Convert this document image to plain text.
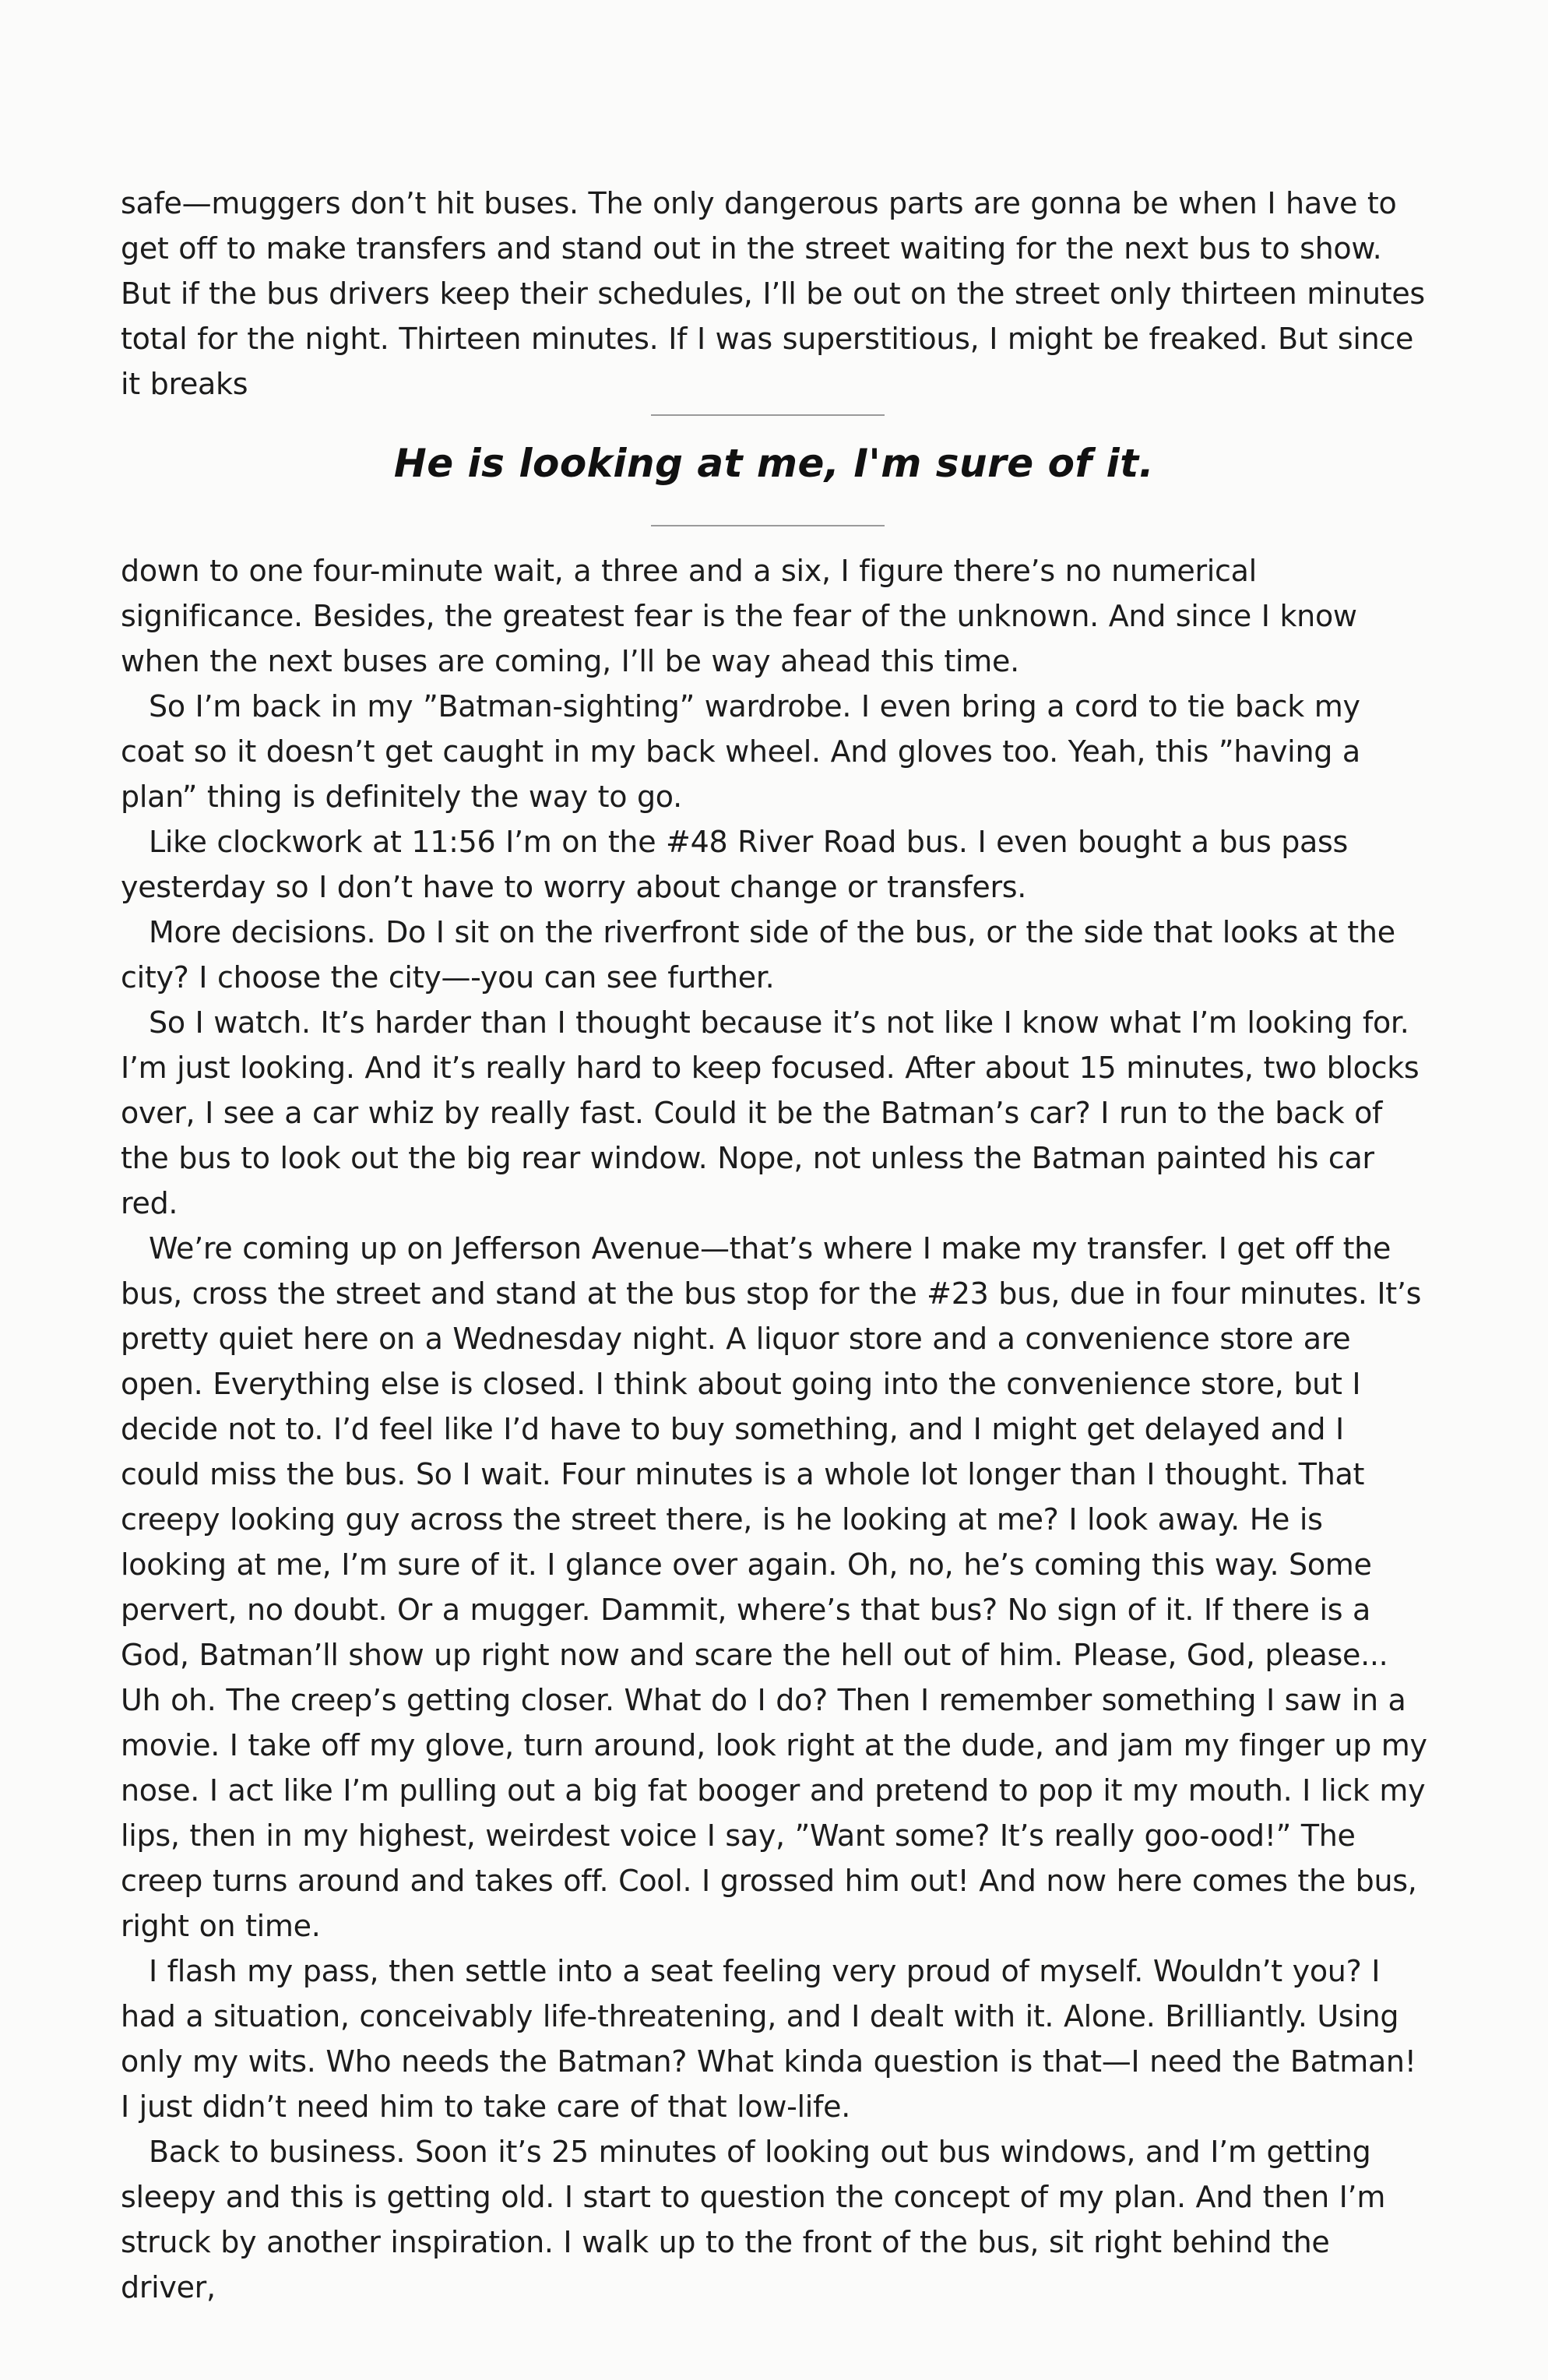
safe—muggers don’t hit buses. The only dangerous parts are gonna be when I have to get off to make transfers and stand out in the street waiting for the next bus to show. But if the bus drivers keep their schedules, I’ll be out on the street only thirteen minutes total for the night. Thirteen minutes. If I was superstitious, I might be freaked. But since it breaks

He is looking at me, I'm sure of it.

down to one four-minute wait, a three and a six, I figure there’s no numerical significance. Besides, the greatest fear is the fear of the unknown. And since I know when the next buses are coming, I’ll be way ahead this time.

So I’m back in my ”Batman-sighting” wardrobe. I even bring a cord to tie back my coat so it doesn’t get caught in my back wheel. And gloves too. Yeah, this ”having a plan” thing is definitely the way to go.

Like clockwork at 11:56 I’m on the #48 River Road bus. I even bought a bus pass yesterday so I don’t have to worry about change or transfers.

More decisions. Do I sit on the riverfront side of the bus, or the side that looks at the city? I choose the city—-you can see further.

So I watch. It’s harder than I thought because it’s not like I know what I’m looking for. I’m just looking. And it’s really hard to keep focused. After about 15 minutes, two blocks over, I see a car whiz by really fast. Could it be the Batman’s car? I run to the back of the bus to look out the big rear window. Nope, not unless the Batman painted his car red.

We’re coming up on Jefferson Avenue—that’s where I make my transfer. I get off the bus, cross the street and stand at the bus stop for the #23 bus, due in four minutes. It’s pretty quiet here on a Wednesday night. A liquor store and a convenience store are open. Everything else is closed. I think about going into the convenience store, but I decide not to. I’d feel like I’d have to buy something, and I might get delayed and I could miss the bus. So I wait. Four minutes is a whole lot longer than I thought. That creepy looking guy across the street there, is he looking at me? I look away. He is looking at me, I’m sure of it. I glance over again. Oh, no, he’s coming this way. Some pervert, no doubt. Or a mugger. Dammit, where’s that bus? No sign of it. If there is a God, Batman’ll show up right now and scare the hell out of him. Please, God, please... Uh oh. The creep’s getting closer. What do I do? Then I remember something I saw in a movie. I take off my glove, turn around, look right at the dude, and jam my finger up my nose. I act like I’m pulling out a big fat booger and pretend to pop it my mouth. I lick my lips, then in my highest, weirdest voice I say, ”Want some? It’s really goo-ood!” The creep turns around and takes off. Cool. I grossed him out! And now here comes the bus, right on time.

I flash my pass, then settle into a seat feeling very proud of myself. Wouldn’t you? I had a situation, conceivably life-threatening, and I dealt with it. Alone. Brilliantly. Using only my wits. Who needs the Batman? What kinda question is that—I need the Batman! I just didn’t need him to take care of that low-life.

Back to business. Soon it’s 25 minutes of looking out bus windows, and I’m getting sleepy and this is getting old. I start to question the concept of my plan. And then I’m struck by another inspiration. I walk up to the front of the bus, sit right behind the driver,
